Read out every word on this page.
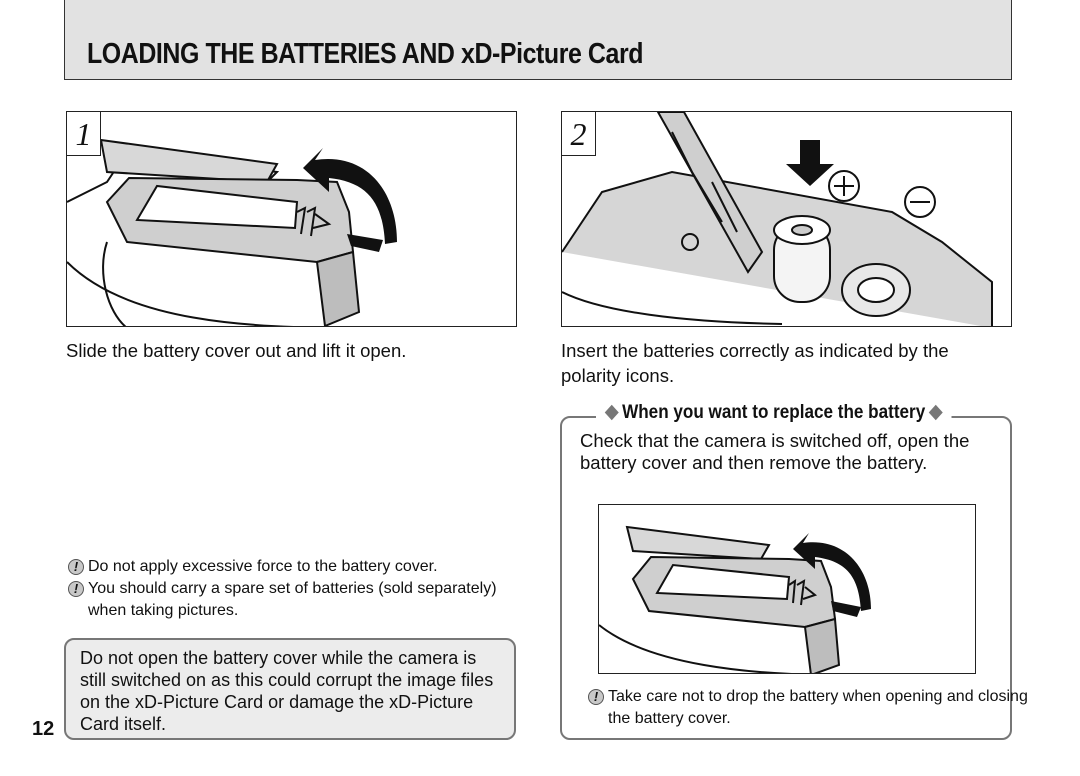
LOADING THE BATTERIES AND xD-Picture Card
1	2
Slide the battery cover out and lift it open.	Insert the batteries correctly as indicated by the polarity icons.
! Do not apply excessive force to the battery cover.
! You should carry a spare set of batteries (sold separately) when taking pictures.
Do not open the battery cover while the camera is still switched on as this could corrupt the image files on the xD-Picture Card or damage the xD-Picture Card itself.
12
When you want to replace the battery
Check that the camera is switched off, open the battery cover and then remove the battery.
! Take care not to drop the battery when opening and closing the battery cover.
